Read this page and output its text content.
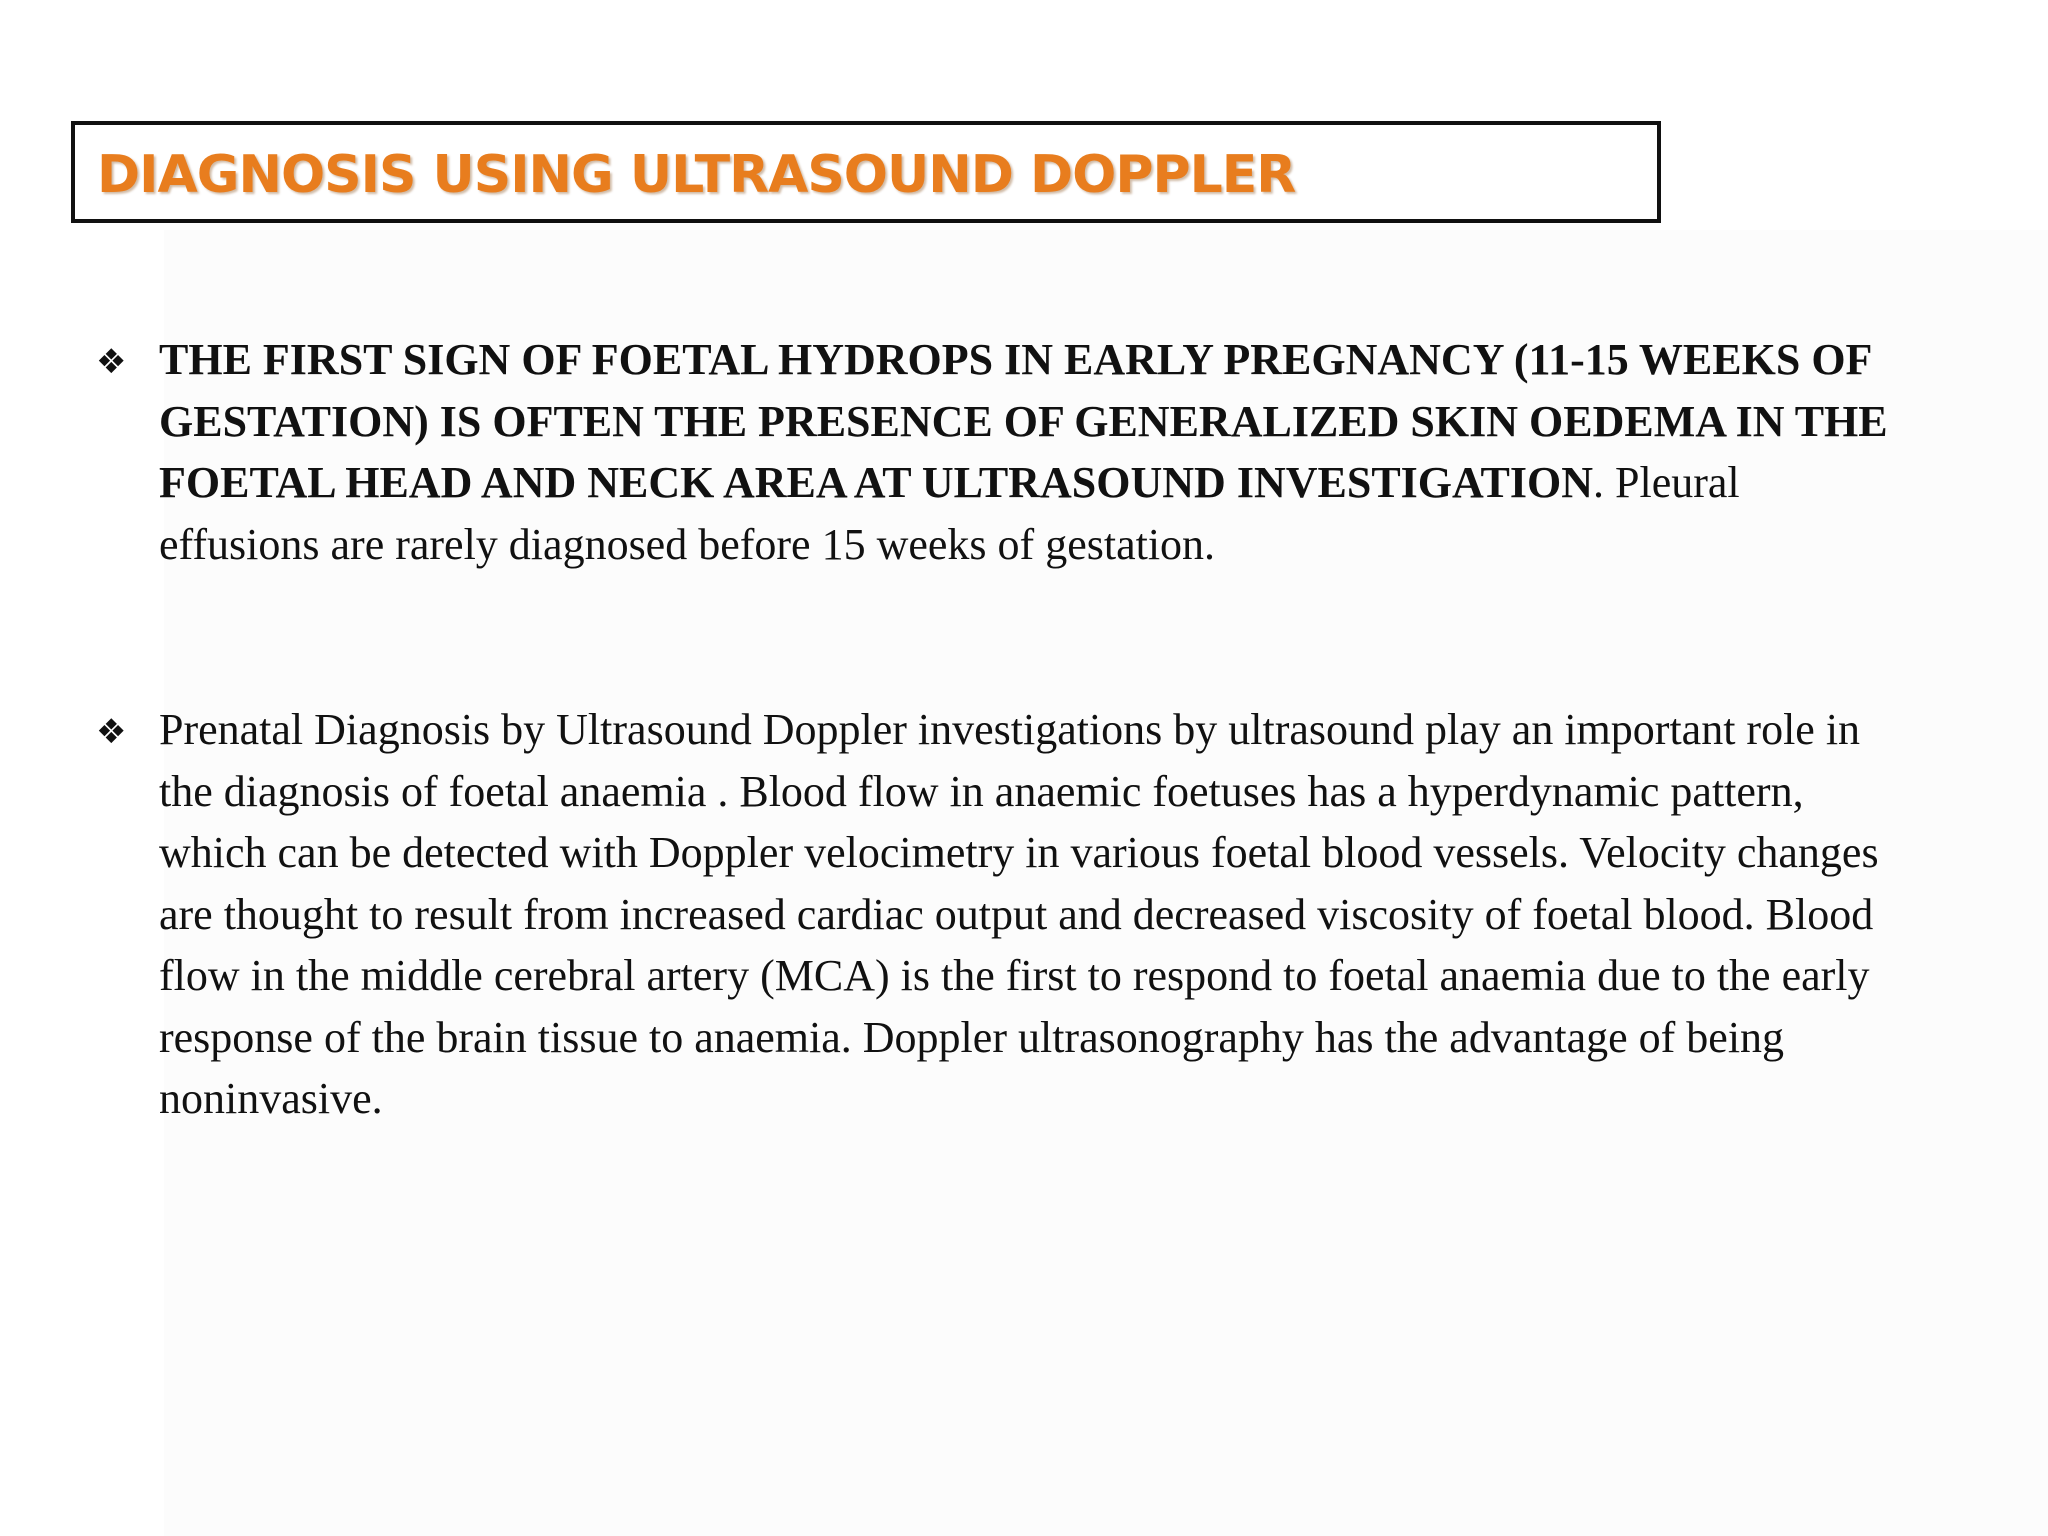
DIAGNOSIS USING ULTRASOUND DOPPLER
❖ THE FIRST SIGN OF FOETAL HYDROPS IN EARLY PREGNANCY (11-15 WEEKS OF GESTATION) IS OFTEN THE PRESENCE OF GENERALIZED SKIN OEDEMA IN THE FOETAL HEAD AND NECK AREA AT ULTRASOUND INVESTIGATION. Pleural effusions are rarely diagnosed before 15 weeks of gestation.

❖ Prenatal Diagnosis by Ultrasound Doppler investigations by ultrasound play an important role in the diagnosis of foetal anaemia . Blood flow in anaemic foetuses has a hyperdynamic pattern, which can be detected with Doppler velocimetry in various foetal blood vessels. Velocity changes are thought to result from increased cardiac output and decreased viscosity of foetal blood. Blood flow in the middle cerebral artery (MCA) is the first to respond to foetal anaemia due to the early response of the brain tissue to anaemia. Doppler ultrasonography has the advantage of being noninvasive.
